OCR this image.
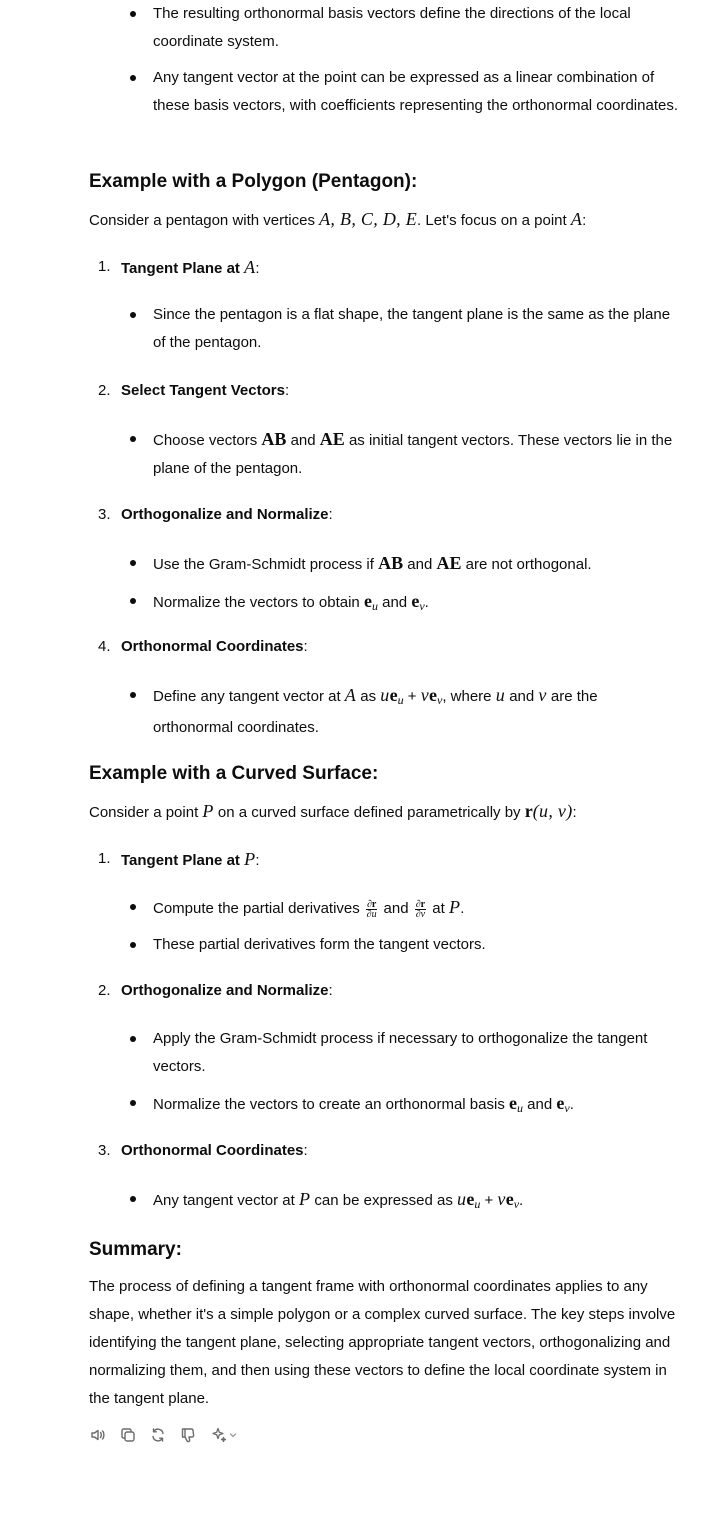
The resulting orthonormal basis vectors define the directions of the local coordinate system.
Any tangent vector at the point can be expressed as a linear combination of these basis vectors, with coefficients representing the orthonormal coordinates.
Example with a Polygon (Pentagon):

Consider a pentagon with vertices A, B, C, D, E. Let's focus on a point A:

1. Tangent Plane at A:
Since the pentagon is a flat shape, the tangent plane is the same as the plane of the pentagon.
2. Select Tangent Vectors:
Choose vectors AB and AE as initial tangent vectors. These vectors lie in the plane of the pentagon.
3. Orthogonalize and Normalize:
Use the Gram-Schmidt process if AB and AE are not orthogonal.
Normalize the vectors to obtain $e_u$ and $e_v$.
4. Orthonormal Coordinates:
Define any tangent vector at A as $ue_u + ve_v$, where u and v are the orthonormal coordinates.
Example with a Curved Surface:

Consider a point P on a curved surface defined parametrically by r(u, v):

1. Tangent Plane at P:
Compute the partial derivatives $\frac{\partial r}{\partial u}$ and $\frac{\partial r}{\partial v}$ at P.
These partial derivatives form the tangent vectors.
2. Orthogonalize and Normalize:
Apply the Gram-Schmidt process if necessary to orthogonalize the tangent vectors.
Normalize the vectors to create an orthonormal basis $e_u$ and $e_v$.
3. Orthonormal Coordinates:
Any tangent vector at P can be expressed as $ue_u + ve_v$.
Summary:

The process of defining a tangent frame with orthonormal coordinates applies to any shape, whether it's a simple polygon or a complex curved surface. The key steps involve identifying the tangent plane, selecting appropriate tangent vectors, orthogonalizing and normalizing them, and then using these vectors to define the local coordinate system in the tangent plane.
